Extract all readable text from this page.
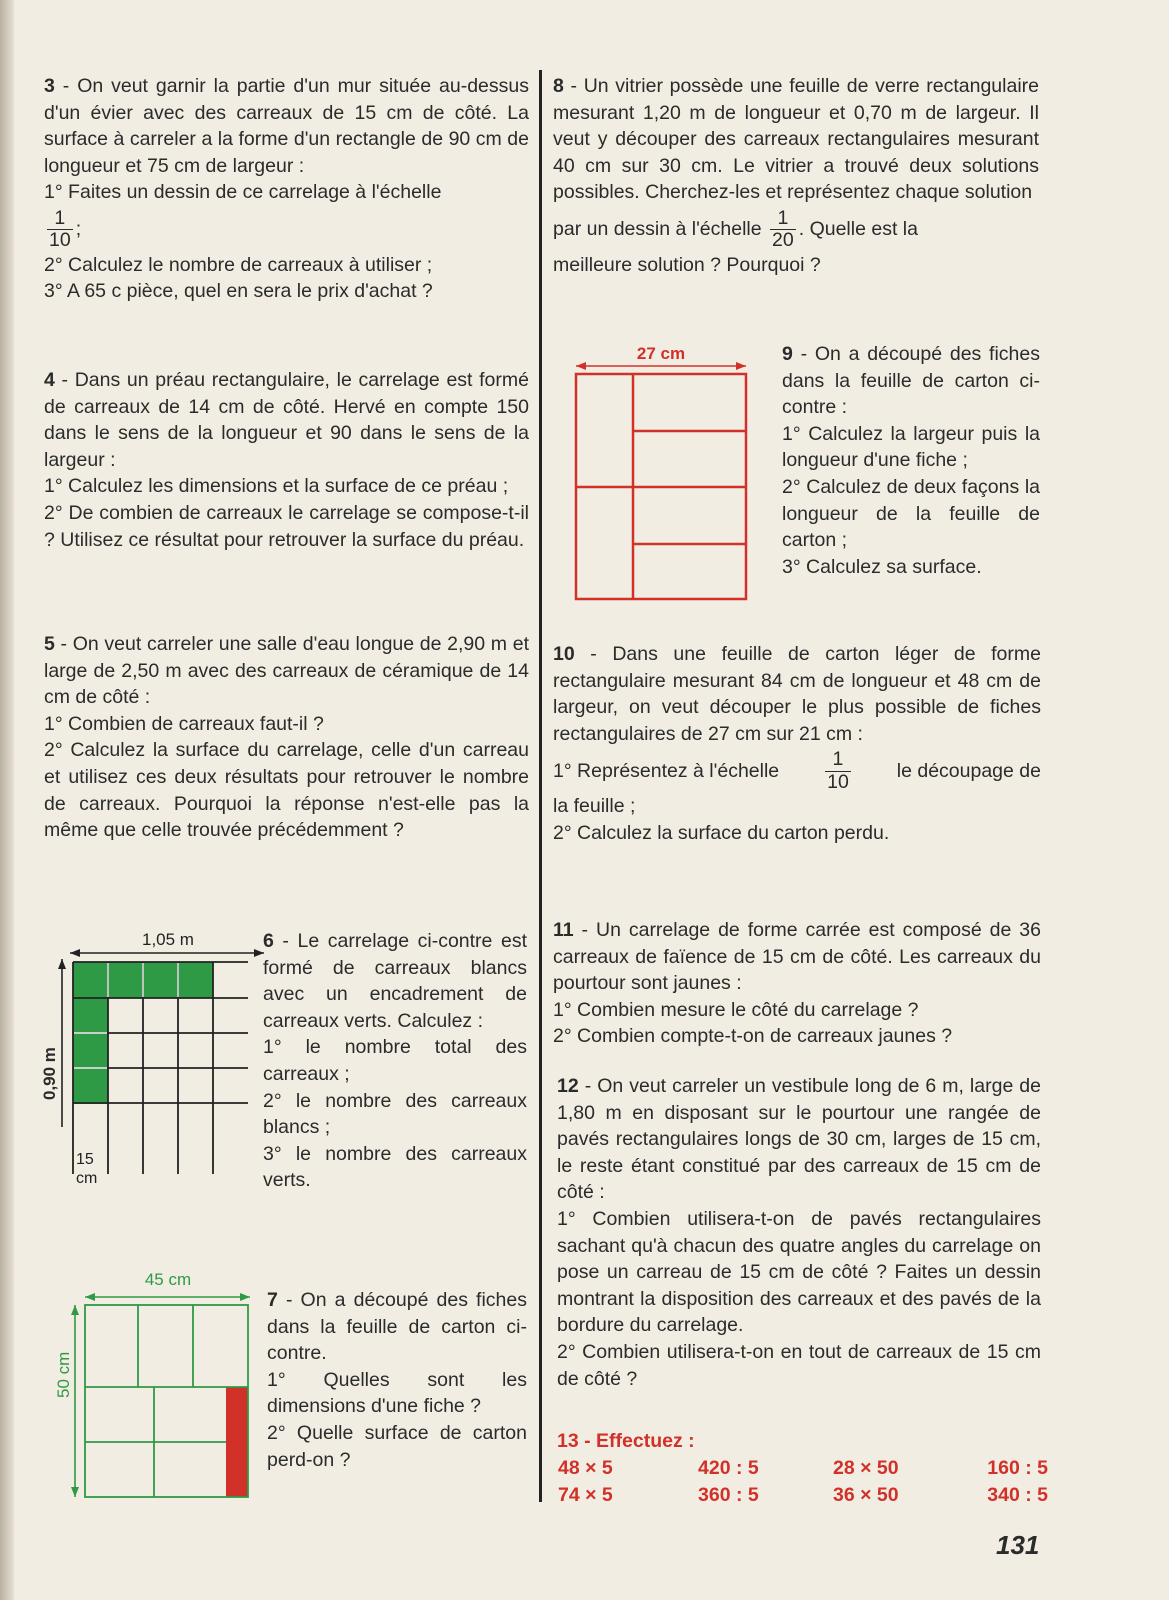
3 - On veut garnir la partie d'un mur située au-dessus d'un évier avec des carreaux de 15 cm de côté. La surface à carreler a la forme d'un rectangle de 90 cm de longueur et 75 cm de largeur :

1° Faites un dessin de ce carrelage à l'échelle

$\frac{1}{10}$ ;

2° Calculez le nombre de carreaux à utiliser ;

3° A 65 c pièce, quel en sera le prix d'achat ?

4 - Dans un préau rectangulaire, le carrelage est formé de carreaux de 14 cm de côté. Hervé en compte 150 dans le sens de la longueur et 90 dans le sens de la largeur :

1° Calculez les dimensions et la surface de ce préau ;

2° De combien de carreaux le carrelage se compose-t-il ? Utilisez ce résultat pour retrouver la surface du préau.

5 - On veut carreler une salle d'eau longue de 2,90 m et large de 2,50 m avec des carreaux de céramique de 14 cm de côté :

1° Combien de carreaux faut-il ?

2° Calculez la surface du carrelage, celle d'un carreau et utilisez ces deux résultats pour retrouver le nombre de carreaux. Pourquoi la réponse n'est-elle pas la même que celle trouvée précédemment ?

1,05 m
15
cm
0,90 m

6 - Le carrelage ci-contre est formé de carreaux blancs avec un encadrement de carreaux verts. Calculez :

1° le nombre total des carreaux ;

2° le nombre des carreaux blancs ;

3° le nombre des carreaux verts.

45 cm
50 cm

7 - On a découpé des fiches dans la feuille de carton ci-contre.

1° Quelles sont les dimensions d'une fiche ?

2° Quelle surface de carton perd-on ?

8 - Un vitrier possède une feuille de verre rectangulaire mesurant 1,20 m de longueur et 0,70 m de largeur. Il veut y découper des carreaux rectangulaires mesurant 40 cm sur 30 cm. Le vitrier a trouvé deux solutions possibles. Cherchez-les et représentez chaque solution

par un dessin à l'échelle $\frac{1}{20}$ . Quelle est la

meilleure solution ? Pourquoi ?

27 cm	9 - On a découpé des fiches dans la feuille de carton ci-contre :

1° Calculez la largeur puis la longueur d'une fiche ;

2° Calculez de deux façons la longueur de la feuille de carton ;

3° Calculez sa surface.

10 - Dans une feuille de carton léger de forme rectangulaire mesurant 84 cm de longueur et 48 cm de largeur, on veut découper le plus possible de fiches rectangulaires de 27 cm sur 21 cm :

1° Représentez à l'échelle $\frac{1}{10}$ le découpage de

la feuille ;

2° Calculez la surface du carton perdu.

11 - Un carrelage de forme carrée est composé de 36 carreaux de faïence de 15 cm de côté. Les carreaux du pourtour sont jaunes :

1° Combien mesure le côté du carrelage ?

2° Combien compte-t-on de carreaux jaunes ?

12 - On veut carreler un vestibule long de 6 m, large de 1,80 m en disposant sur le pourtour une rangée de pavés rectangulaires longs de 30 cm, larges de 15 cm, le reste étant constitué par des carreaux de 15 cm de côté :

1° Combien utilisera-t-on de pavés rectangulaires sachant qu'à chacun des quatre angles du carrelage on pose un carreau de 15 cm de côté ? Faites un dessin montrant la disposition des carreaux et des pavés de la bordure du carrelage.

2° Combien utilisera-t-on en tout de carreaux de 15 cm de côté ?

13 - Effectuez :

48 × 5	420 : 5	28 × 50	160 : 5
74 × 5	360 : 5	36 × 50	340 : 5
131
